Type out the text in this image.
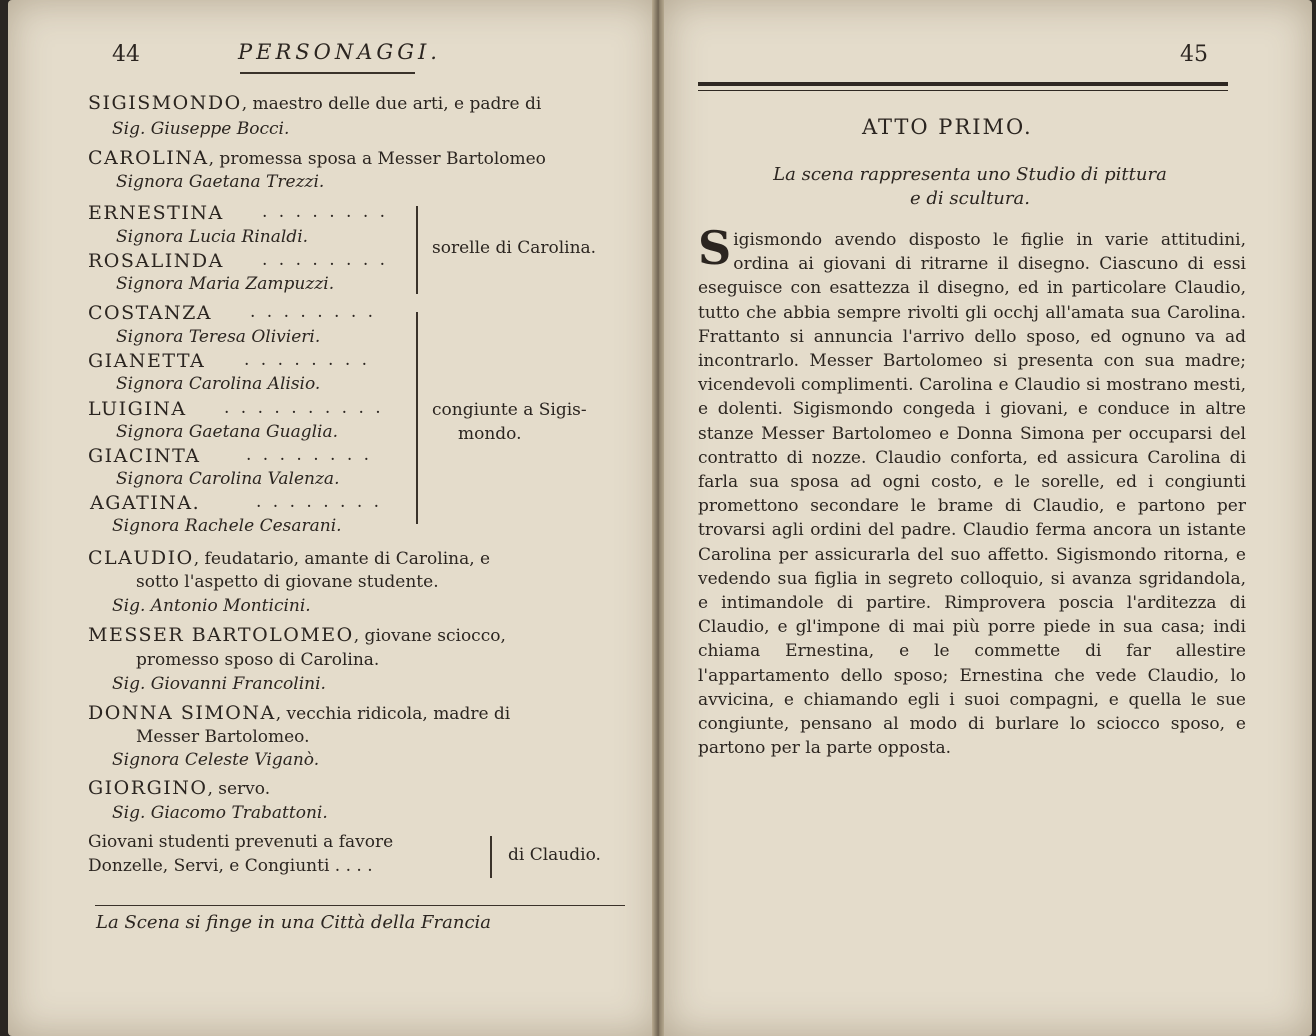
44	PERSONAGGI.
SIGISMONDO, maestro delle due arti, e padre di
Sig. Giuseppe Bocci.
CAROLINA, promessa sposa a Messer Bartolomeo
Signora Gaetana Trezzi.
ERNESTINA . . . . . . . .
Signora Lucia Rinaldi.
ROSALINDA . . . . . . . .
Signora Maria Zampuzzi.
sorelle di Carolina.
COSTANZA . . . . . . . .
Signora Teresa Olivieri.
GIANETTA . . . . . . . .
Signora Carolina Alisio.
LUIGINA . . . . . . . . . .
Signora Gaetana Guaglia.
GIACINTA	. . . . . . . .
Signora Carolina Valenza.
AGATINA.	. . . . . . . .
Signora Rachele Cesarani.
congiunte a Sigis-
mondo.
CLAUDIO, feudatario, amante di Carolina, e
sotto l'aspetto di giovane studente.
Sig. Antonio Monticini.
MESSER BARTOLOMEO, giovane sciocco,
promesso sposo di Carolina.
Sig. Giovanni Francolini.
DONNA SIMONA, vecchia ridicola, madre di
Messer Bartolomeo.
Signora Celeste Viganò.
GIORGINO, servo.
Sig. Giacomo Trabattoni.
Giovani studenti prevenuti a favore
Donzelle, Servi, e Congiunti . . . .
di Claudio.
La Scena si finge in una Città della Francia
45
ATTO PRIMO.
La scena rappresenta uno Studio di pittura
e di scultura.
Sigismondo avendo disposto le figlie in varie attitudini, ordina ai giovani di ritrarne il disegno. Ciascuno di essi eseguisce con esattezza il disegno, ed in particolare Claudio, tutto che abbia sempre rivolti gli occhj all'amata sua Carolina. Frattanto si annuncia l'arrivo dello sposo, ed ognuno va ad incontrarlo. Messer Bartolomeo si presenta con sua madre; vicendevoli complimenti. Carolina e Claudio si mostrano mesti, e dolenti. Sigismondo congeda i giovani, e conduce in altre stanze Messer Bartolomeo e Donna Simona per occuparsi del contratto di nozze. Claudio conforta, ed assicura Carolina di farla sua sposa ad ogni costo, e le sorelle, ed i congiunti promettono secondare le brame di Claudio, e partono per trovarsi agli ordini del padre. Claudio ferma ancora un istante Carolina per assicurarla del suo affetto. Sigismondo ritorna, e vedendo sua figlia in segreto colloquio, si avanza sgridandola, e intimandole di partire. Rimprovera poscia l'arditezza di Claudio, e gl'impone di mai più porre piede in sua casa; indi chiama Ernestina, e le commette di far allestire l'appartamento dello sposo; Ernestina che vede Claudio, lo avvicina, e chiamando egli i suoi compagni, e quella le sue congiunte, pensano al modo di burlare lo sciocco sposo, e partono per la parte opposta.
